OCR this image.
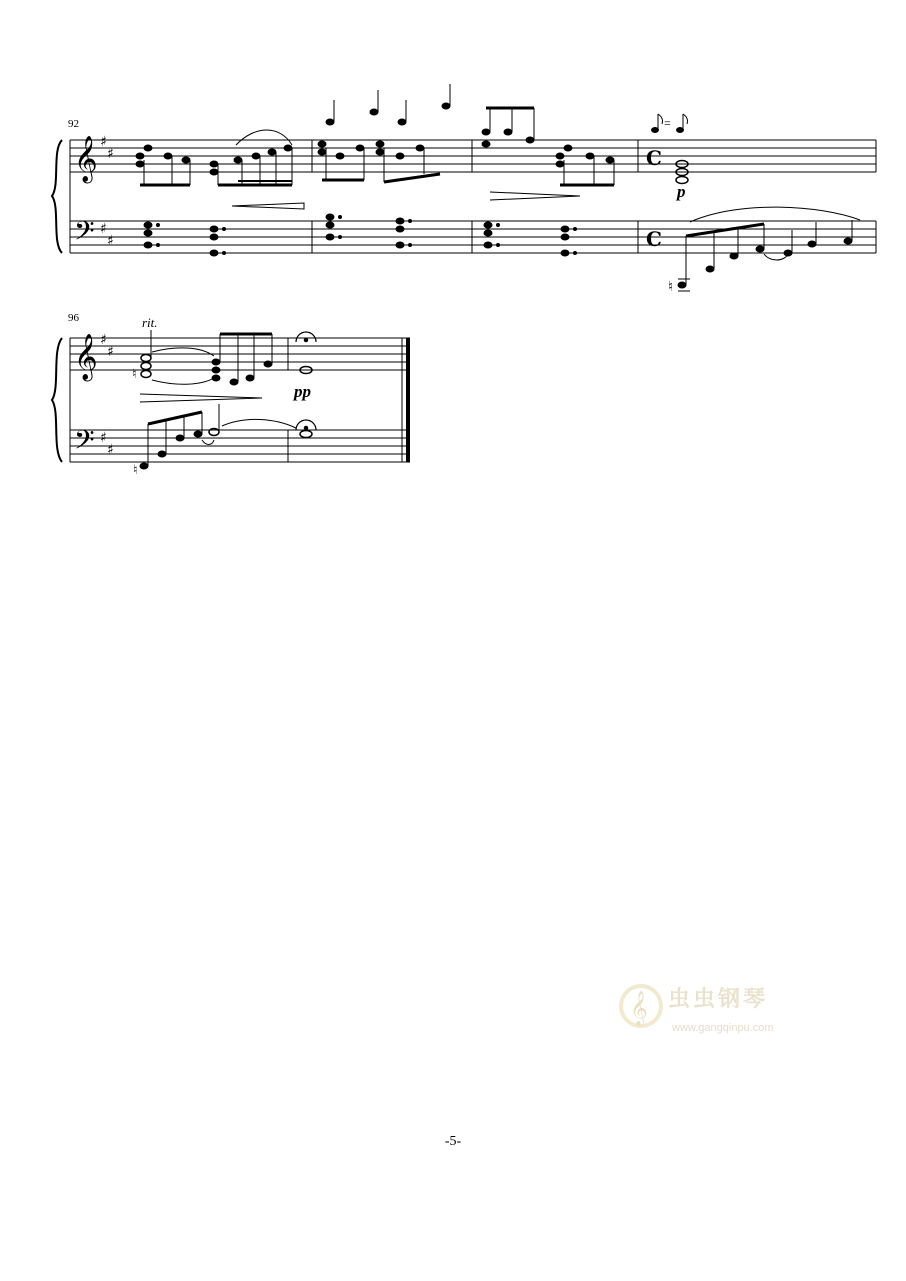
𝄞
𝄢
♯
♯
♯
♯
C
C
♮
𝄞
𝄢
♯
♯
♯
♯
♮
♮
92
96	rit.
p
pp
=
𝄞 虫虫钢琴
www.gangqinpu.com
-5-
